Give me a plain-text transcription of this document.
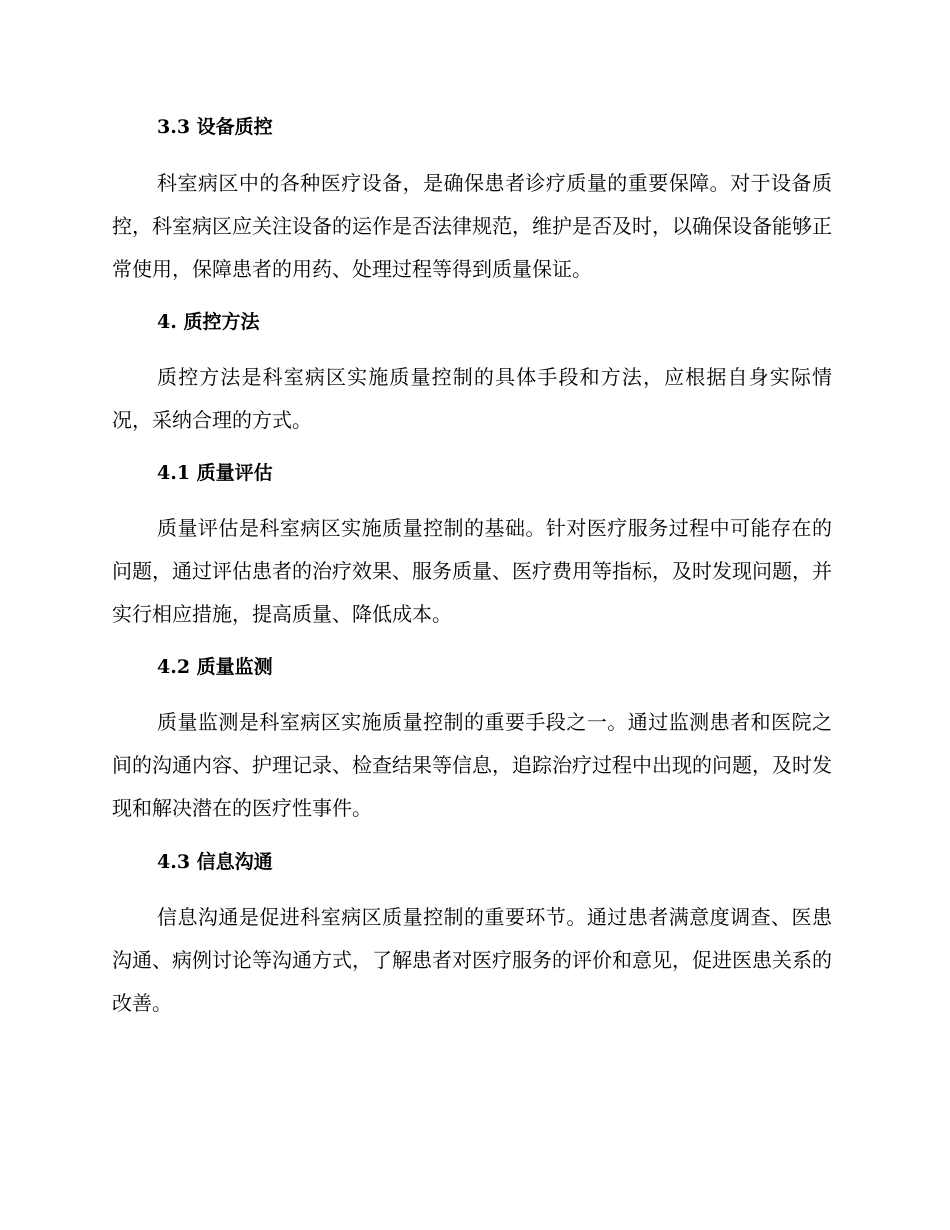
3.3 设备质控

科室病区中的各种医疗设备，是确保患者诊疗质量的重要保障。对于设备质控，科室病区应关注设备的运作是否法律规范，维护是否及时，以确保设备能够正常使用，保障患者的用药、处理过程等得到质量保证。

4. 质控方法

质控方法是科室病区实施质量控制的具体手段和方法，应根据自身实际情况，采纳合理的方式。

4.1 质量评估

质量评估是科室病区实施质量控制的基础。针对医疗服务过程中可能存在的问题，通过评估患者的治疗效果、服务质量、医疗费用等指标，及时发现问题，并实行相应措施，提高质量、降低成本。

4.2 质量监测

质量监测是科室病区实施质量控制的重要手段之一。通过监测患者和医院之间的沟通内容、护理记录、检查结果等信息，追踪治疗过程中出现的问题，及时发现和解决潜在的医疗性事件。

4.3 信息沟通

信息沟通是促进科室病区质量控制的重要环节。通过患者满意度调查、医患沟通、病例讨论等沟通方式，了解患者对医疗服务的评价和意见，促进医患关系的改善。
